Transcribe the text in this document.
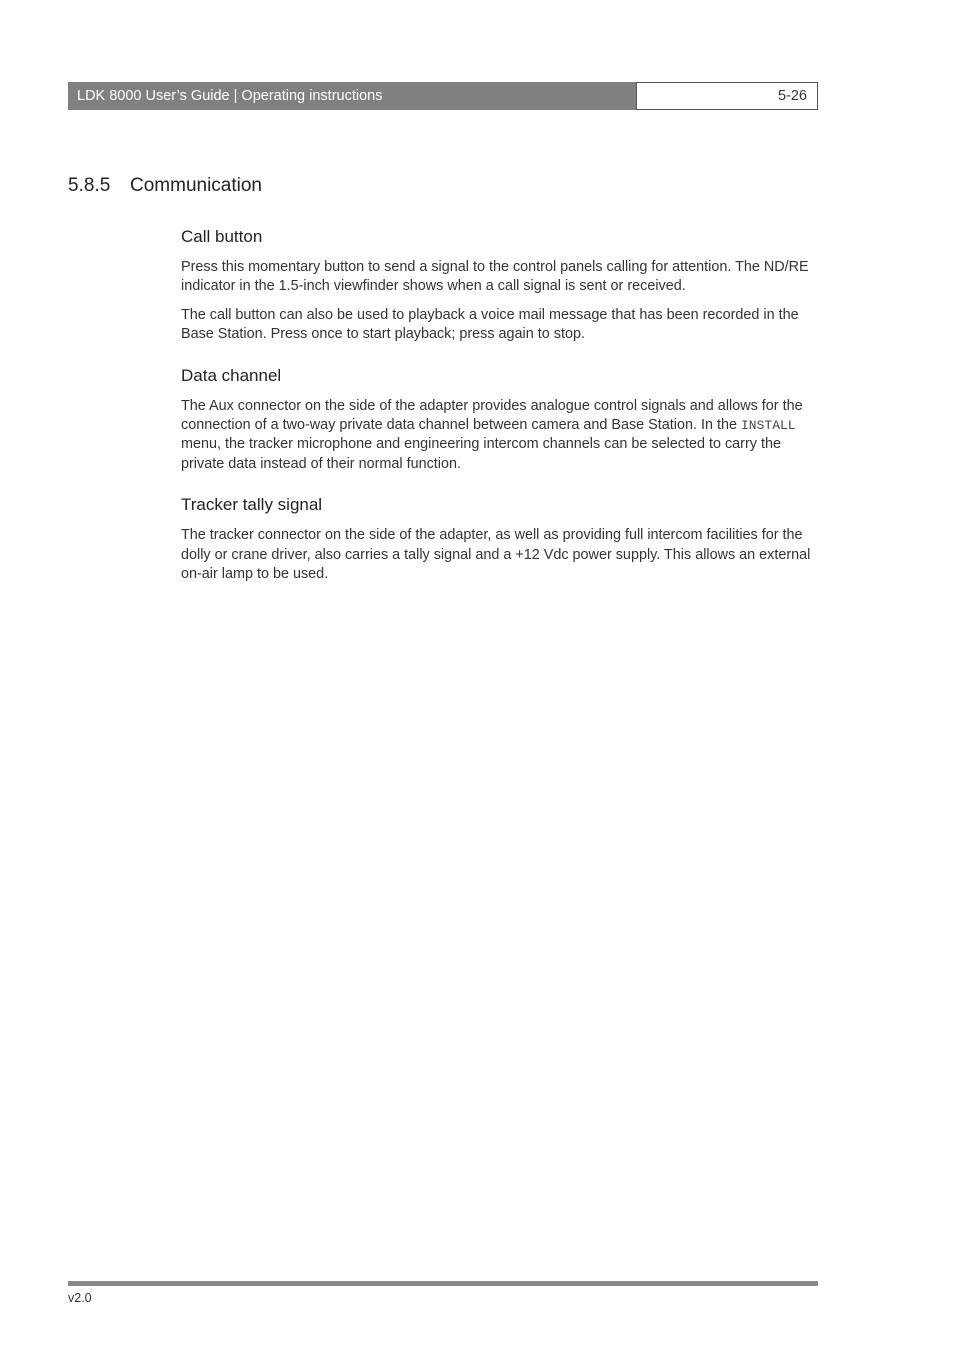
LDK 8000 User’s Guide | Operating instructions	5-26
5.8.5 Communication
Call button

Press this momentary button to send a signal to the control panels calling for attention. The ND/RE indicator in the 1.5-inch viewfinder shows when a call signal is sent or received.

The call button can also be used to playback a voice mail message that has been recorded in the Base Station. Press once to start playback; press again to stop.

Data channel

The Aux connector on the side of the adapter provides analogue control signals and allows for the connection of a two-way private data channel between camera and Base Station. In the INSTALL menu, the tracker microphone and engineering intercom channels can be selected to carry the private data instead of their normal function.

Tracker tally signal

The tracker connector on the side of the adapter, as well as providing full intercom facilities for the dolly or crane driver, also carries a tally signal and a +12 Vdc power supply. This allows an external on-air lamp to be used.

v2.0
